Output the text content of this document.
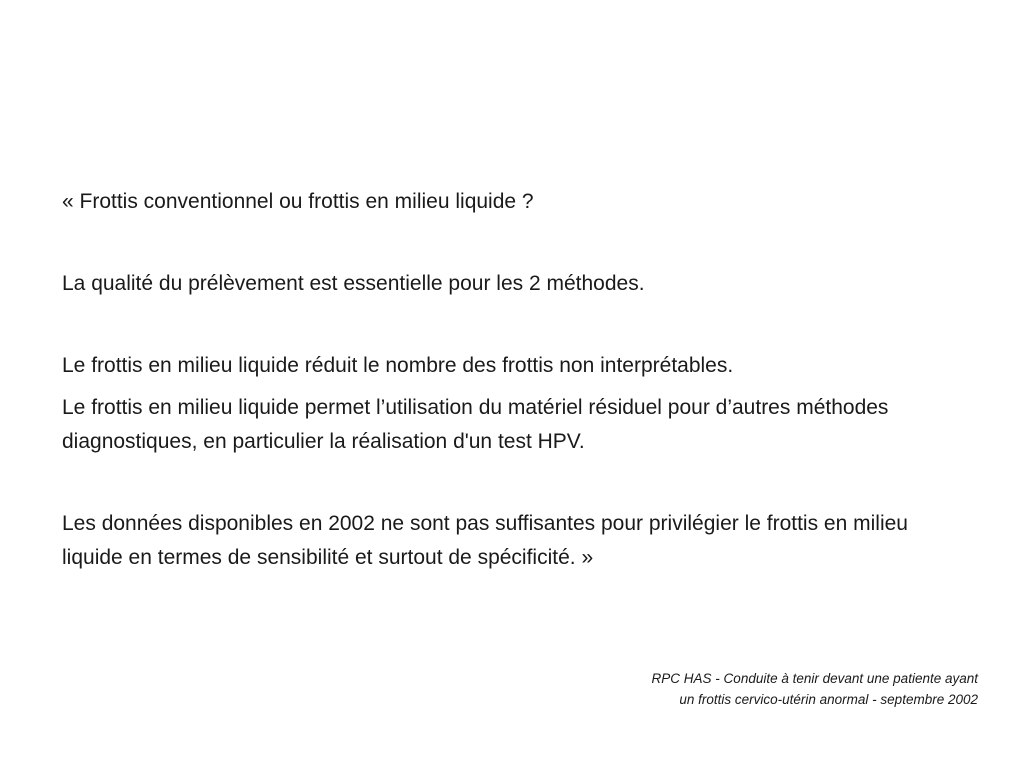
« Frottis conventionnel ou frottis en milieu liquide ?

La qualité du prélèvement est essentielle pour les 2 méthodes.

Le frottis en milieu liquide réduit le nombre des frottis non interprétables.

Le frottis en milieu liquide permet l’utilisation du matériel résiduel pour d’autres méthodes diagnostiques, en particulier la réalisation d'un test HPV.

Les données disponibles en 2002 ne sont pas suffisantes pour privilégier le frottis en milieu liquide en termes de sensibilité et surtout de spécificité. »

RPC HAS - Conduite à tenir devant une patiente ayant
un frottis cervico-utérin anormal - septembre 2002
